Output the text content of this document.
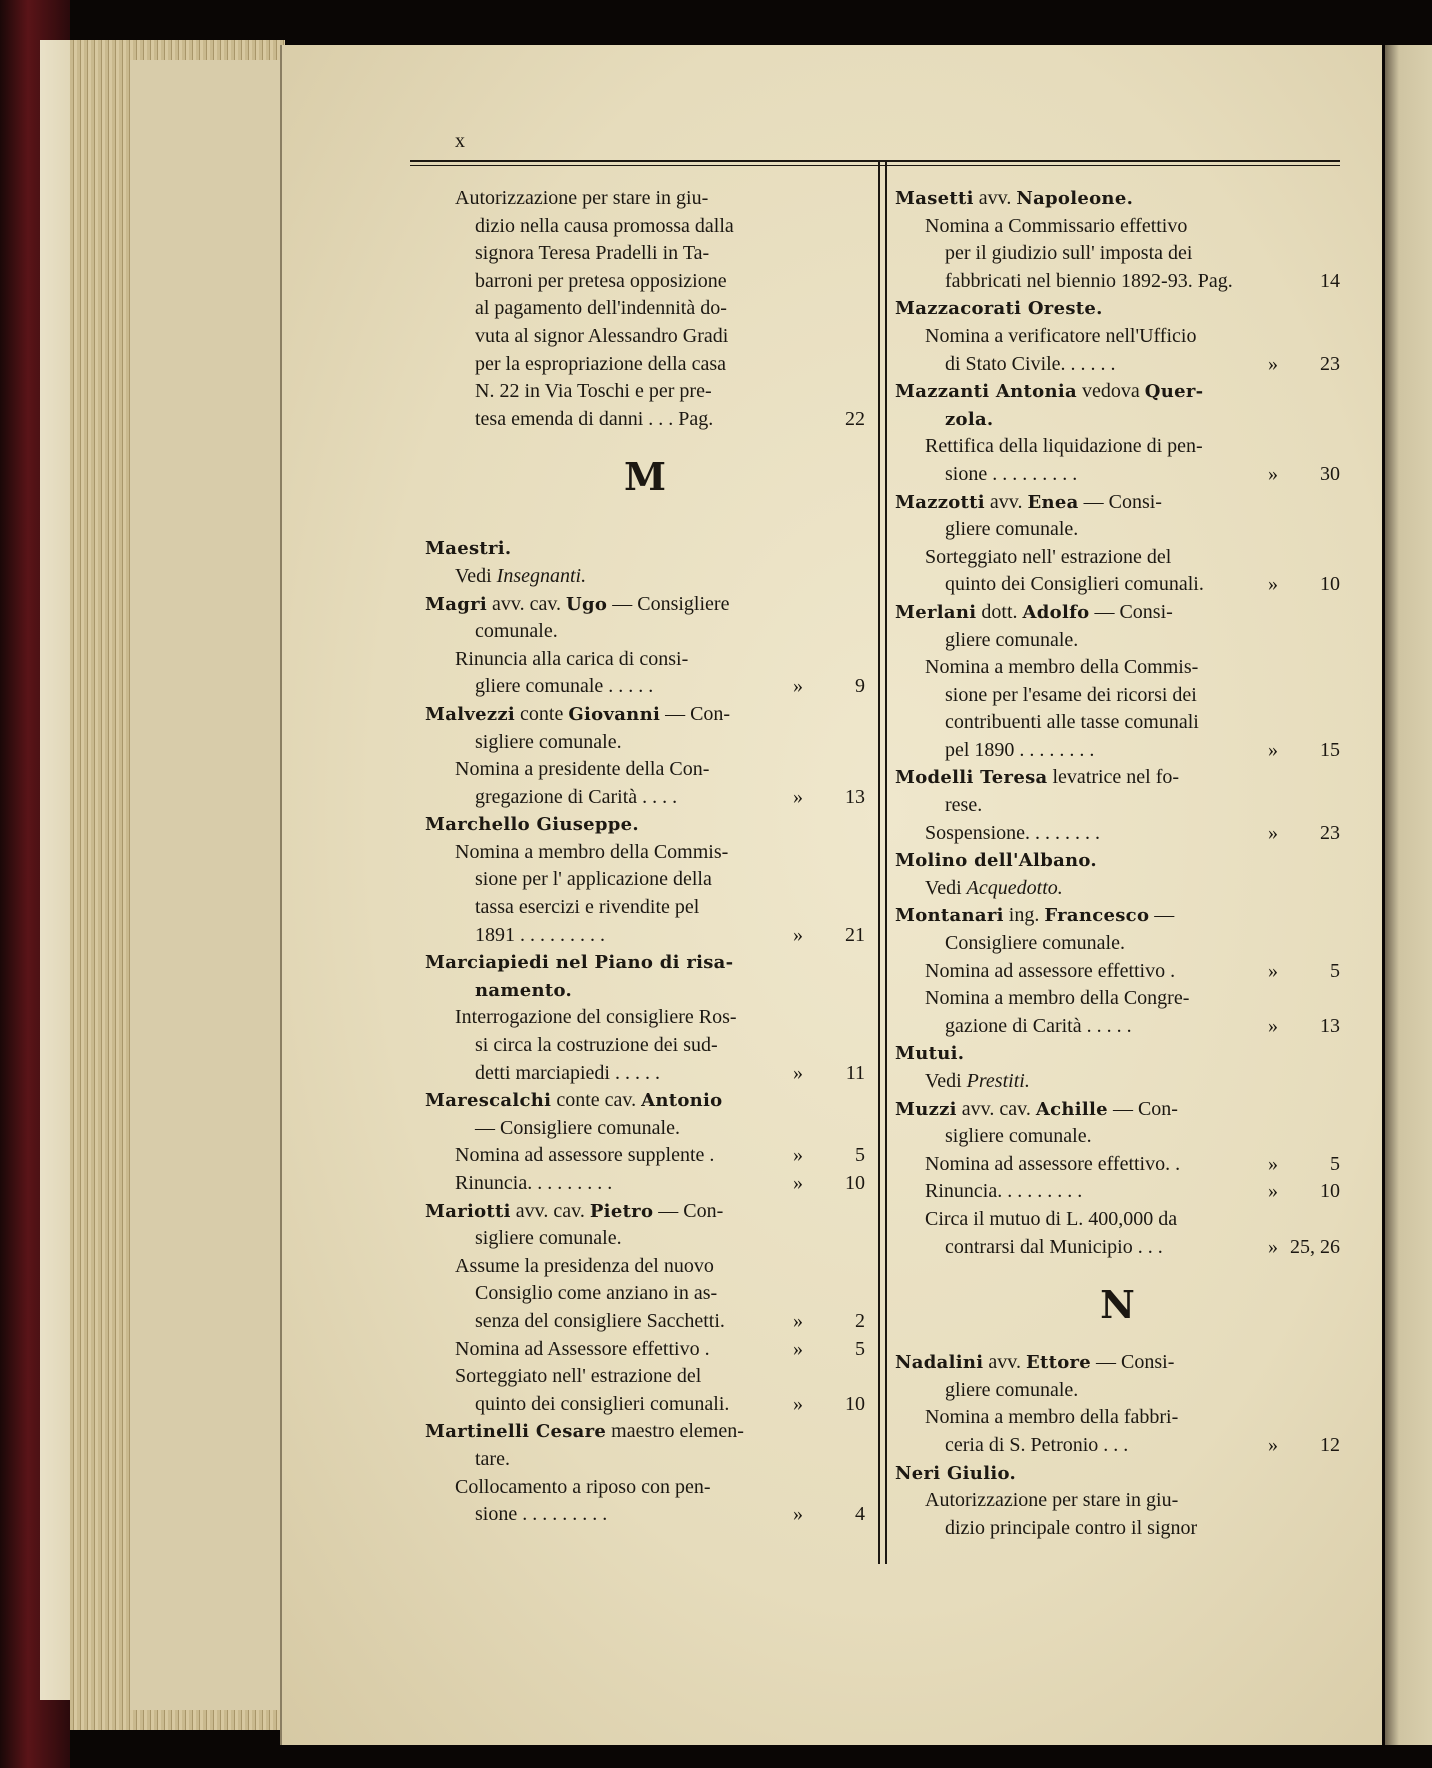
x
Autorizzazione per stare in giu-
dizio nella causa promossa dalla
signora Teresa Pradelli in Ta-
barroni per pretesa opposizione
al pagamento dell'indennità do-
vuta al signor Alessandro Gradi
per la espropriazione della casa
N. 22 in Via Toschi e per pre-
tesa emenda di danni . . . Pag.	22
M
Maestri.
Vedi Insegnanti.
Magri avv. cav. Ugo — Consigliere
comunale.
Rinuncia alla carica di consi-
gliere comunale . . . . .	»	9
Malvezzi conte Giovanni — Con-
sigliere comunale.
Nomina a presidente della Con-
gregazione di Carità . . . .	» 13
Marchello Giuseppe.
Nomina a membro della Commis-
sione per l' applicazione della
tassa esercizi e rivendite pel
1891 . . . . . . . . .	» 21
Marciapiedi nel Piano di risa-
namento.
Interrogazione del consigliere Ros-
si circa la costruzione dei sud-
detti marciapiedi . . . . .	» 11
Marescalchi conte cav. Antonio
— Consigliere comunale.
Nomina ad assessore supplente .	»	5
Rinuncia. . . . . . . . .	» 10
Mariotti avv. cav. Pietro — Con-
sigliere comunale.
Assume la presidenza del nuovo
Consiglio come anziano in as-
senza del consigliere Sacchetti.	»	2
Nomina ad Assessore effettivo .	»	5
Sorteggiato nell' estrazione del
quinto dei consiglieri comunali.	» 10
Martinelli Cesare maestro elemen-
tare.
Collocamento a riposo con pen-
sione . . . . . . . . .	»	4
Masetti avv. Napoleone.
Nomina a Commissario effettivo
per il giudizio sull' imposta dei
fabbricati nel biennio 1892-93. Pag.	14
Mazzacorati Oreste.
Nomina a verificatore nell'Ufficio
di Stato Civile. . . . . .	» 23
Mazzanti Antonia vedova Quer-
zola.
Rettifica della liquidazione di pen-
sione . . . . . . . . .	» 30
Mazzotti avv. Enea — Consi-
gliere comunale.
Sorteggiato nell' estrazione del
quinto dei Consiglieri comunali.	» 10
Merlani dott. Adolfo — Consi-
gliere comunale.
Nomina a membro della Commis-
sione per l'esame dei ricorsi dei
contribuenti alle tasse comunali
pel 1890 . . . . . . . .	» 15
Modelli Teresa levatrice nel fo-
rese.
Sospensione. . . . . . . .	» 23
Molino dell'Albano.
Vedi Acquedotto.
Montanari ing. Francesco —
Consigliere comunale.
Nomina ad assessore effettivo .	»	5
Nomina a membro della Congre-
gazione di Carità . . . . .	» 13
Mutui.
Vedi Prestiti.
Muzzi avv. cav. Achille — Con-
sigliere comunale.
Nomina ad assessore effettivo. .	»	5
Rinuncia. . . . . . . . .	» 10
Circa il mutuo di L. 400,000 da
contrarsi dal Municipio . . .	» 25, 26
N
Nadalini avv. Ettore — Consi-
gliere comunale.
Nomina a membro della fabbri-
ceria di S. Petronio . . .	» 12
Neri Giulio.
Autorizzazione per stare in giu-
dizio principale contro il signor
